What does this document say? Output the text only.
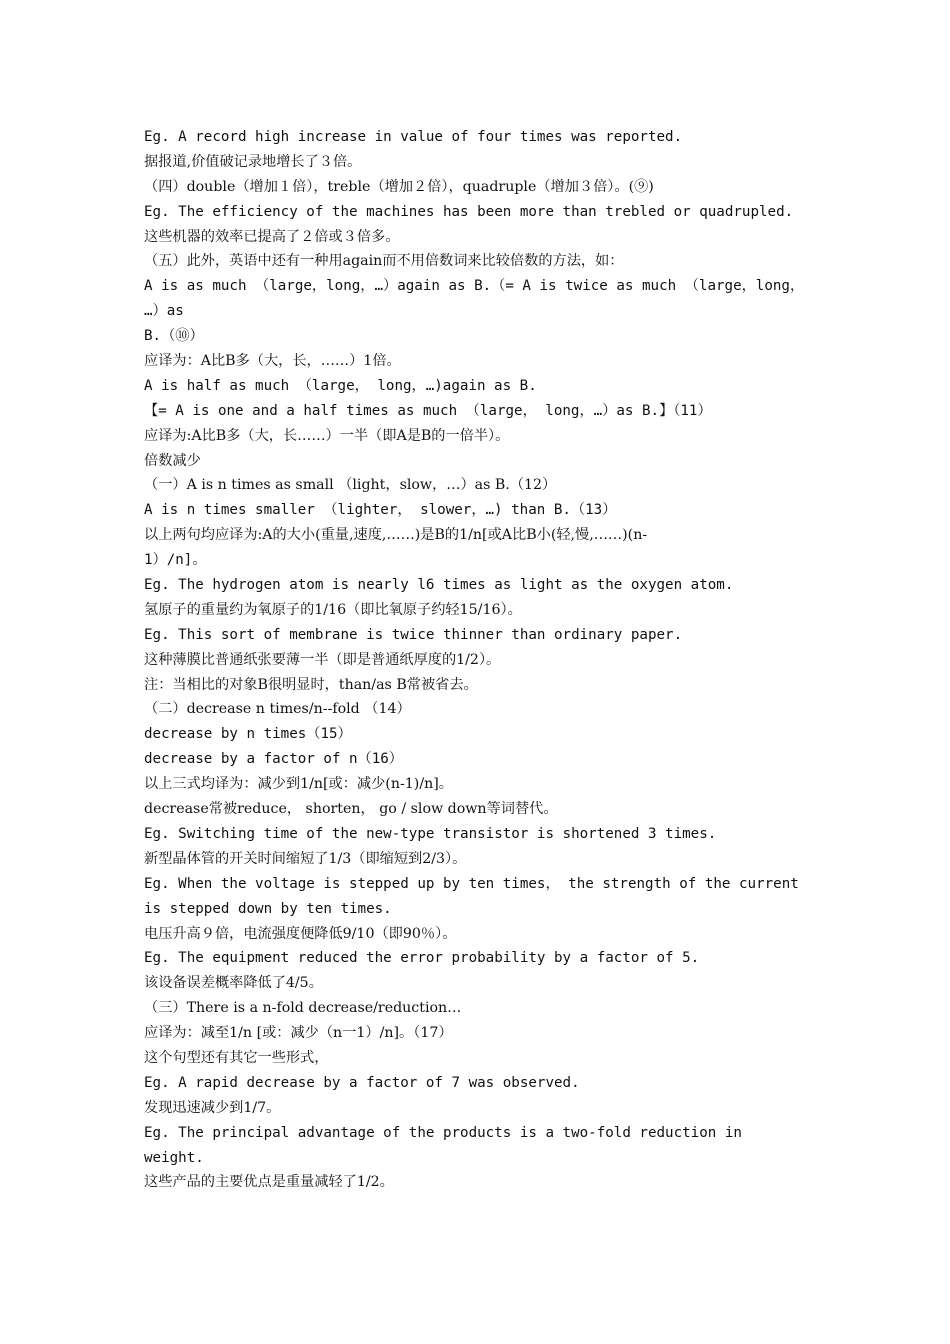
Eg. A record high increase in value of four times was reported.
据报道,价值破记录地增长了３倍。
（四）double（增加１倍），treble（增加２倍），quadruple（增加３倍）。(⑨)
Eg. The efficiency of the machines has been more than trebled or quadrupled.
这些机器的效率已提高了２倍或３倍多。
（五）此外，英语中还有一种用again而不用倍数词来比较倍数的方法，如：
A is as much （large，long，…）again as B.（= A is twice as much （large，long，
…）as
B.（⑩）
应译为：A比B多（大，长，……）1倍。
A is half as much （large， long，…)again as B.
【= A is one and a half times as much （large， long，…）as B.】（11）
应译为:A比B多（大，长……）一半（即A是B的一倍半）。
倍数减少
（一）A is n times as small （light，slow，…）as B.（12）
A is n times smaller （lighter， slower，…) than B.（13）
以上两句均应译为:A的大小(重量,速度,……)是B的1/n[或A比B小(轻,慢,……)(n-
1）/n]。
Eg. The hydrogen atom is nearly l6 times as light as the oxygen atom.
氢原子的重量约为氧原子的1/16（即比氧原子约轻15/16）。
Eg. This sort of membrane is twice thinner than ordinary paper.
这种薄膜比普通纸张要薄一半（即是普通纸厚度的1/2）。
注：当相比的对象B很明显时，than/as B常被省去。
（二）decrease n times/n--fold （14）
decrease by n times（15）
decrease by a factor of n（16）
以上三式均译为：减少到1/n[或：减少(n-1)/n]。
decrease常被reduce， shorten， go / slow down等词替代。
Eg. Switching time of the new-type transistor is shortened 3 times.
新型晶体管的开关时间缩短了1/3（即缩短到2/3）。
Eg. When the voltage is stepped up by ten times， the strength of the current
is stepped down by ten times.
电压升高９倍，电流强度便降低9/10（即90％）。
Eg. The equipment reduced the error probability by a factor of 5.
该设备误差概率降低了4/5。
（三）There is a n-fold decrease/reduction…
应译为：减至1/n [或：减少（n一1）/n]。（17）
这个句型还有其它一些形式，
Eg. A rapid decrease by a factor of 7 was observed.
发现迅速减少到1/7。
Eg. The principal advantage of the products is a two-fold reduction in
weight.
这些产品的主要优点是重量减轻了1/2。
